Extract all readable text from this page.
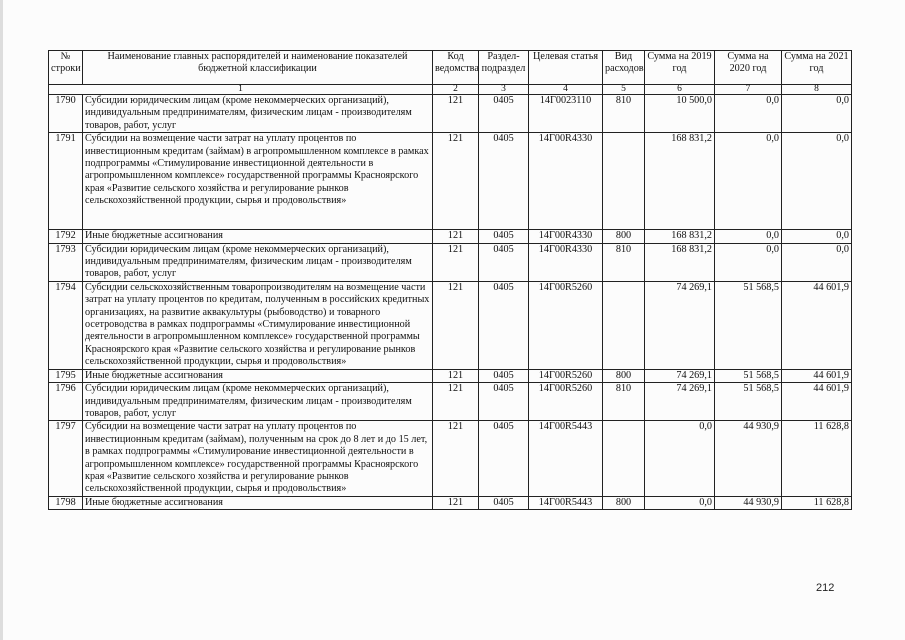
№ строки	Наименование главных распорядителей и наименование показателей бюджетной классификации	Код ведомства	Раздел-подраздел	Целевая статья	Вид расходов	Сумма на 2019 год	Сумма на 2020 год	Сумма на 2021 год
1		2	3	4	5	6	7	8
1790	Субсидии юридическим лицам (кроме некоммерческих организаций), индивидуальным предпринимателям, физическим лицам - производителям товаров, работ, услуг	121	0405	14Г0023110	810	10 500,0	0,0	0,0
1791	Субсидии на возмещение части затрат на уплату процентов по инвестиционным кредитам (займам) в агропромышленном комплексе в рамках подпрограммы «Стимулирование инвестиционной деятельности в агропромышленном комплексе» государственной программы Красноярского края «Развитие сельского хозяйства и регулирование рынков сельскохозяйственной продукции, сырья и продовольствия»	121	0405	14Г00R4330		168 831,2	0,0	0,0
1792	Иные бюджетные ассигнования	121	0405	14Г00R4330	800	168 831,2	0,0	0,0
1793	Субсидии юридическим лицам (кроме некоммерческих организаций), индивидуальным предпринимателям, физическим лицам - производителям товаров, работ, услуг	121	0405	14Г00R4330	810	168 831,2	0,0	0,0
1794	Субсидии сельскохозяйственным товаропроизводителям на возмещение части затрат на уплату процентов по кредитам, полученным в российских кредитных организациях, на развитие аквакультуры (рыбоводство) и товарного осетроводства в рамках подпрограммы «Стимулирование инвестиционной деятельности в агропромышленном комплексе» государственной программы Красноярского края «Развитие сельского хозяйства и регулирование рынков сельскохозяйственной продукции, сырья и продовольствия»	121	0405	14Г00R5260		74 269,1	51 568,5	44 601,9
1795	Иные бюджетные ассигнования	121	0405	14Г00R5260	800	74 269,1	51 568,5	44 601,9
1796	Субсидии юридическим лицам (кроме некоммерческих организаций), индивидуальным предпринимателям, физическим лицам - производителям товаров, работ, услуг	121	0405	14Г00R5260	810	74 269,1	51 568,5	44 601,9
1797	Субсидии на возмещение части затрат на уплату процентов по инвестиционным кредитам (займам), полученным на срок до 8 лет и до 15 лет, в рамках подпрограммы «Стимулирование инвестиционной деятельности в агропромышленном комплексе» государственной программы Красноярского края «Развитие сельского хозяйства и регулирование рынков сельскохозяйственной продукции, сырья и продовольствия»	121	0405	14Г00R5443		0,0	44 930,9	11 628,8
1798	Иные бюджетные ассигнования	121	0405	14Г00R5443	800	0,0	44 930,9	11 628,8
212
